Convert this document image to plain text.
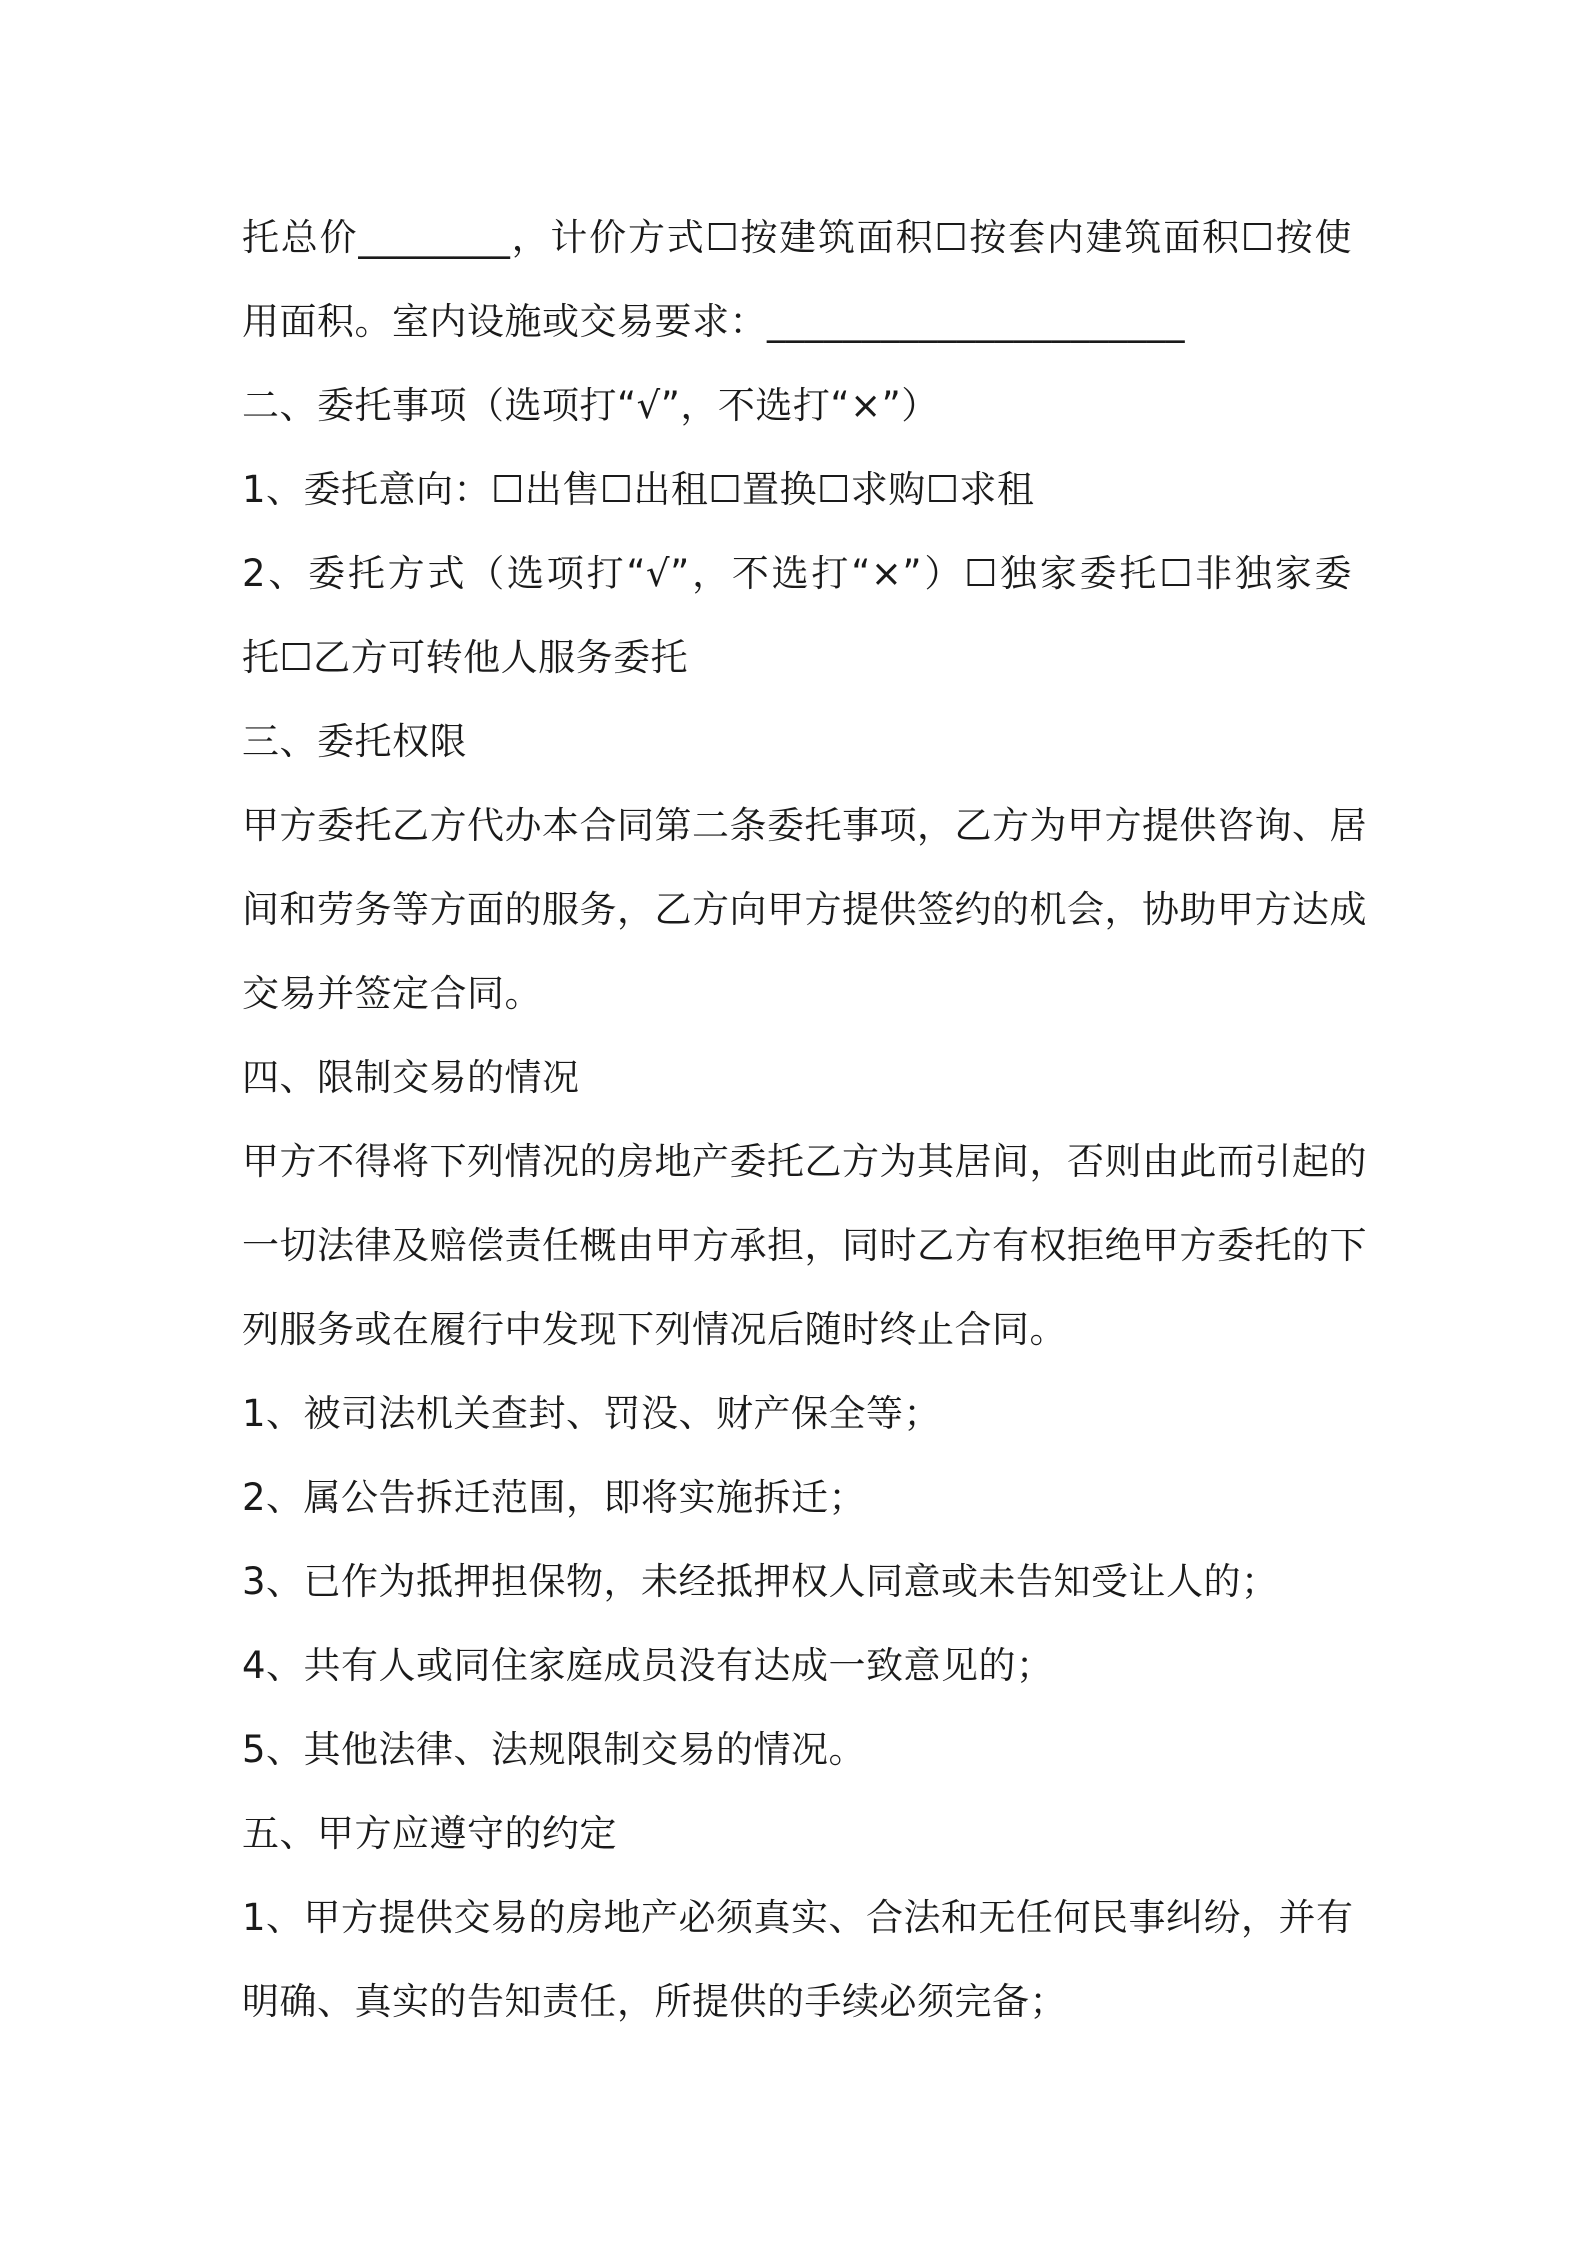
托总价________，计价方式☐按建筑面积☐按套内建筑面积☐按使
用面积。室内设施或交易要求：______________________
二、委托事项（选项打“√”，不选打“×”）
1、委托意向：☐出售☐出租☐置换☐求购☐求租
2、委托方式（选项打“√”，不选打“×”）☐独家委托☐非独家委
托☐乙方可转他人服务委托
三、委托权限
甲方委托乙方代办本合同第二条委托事项，乙方为甲方提供咨询、居
间和劳务等方面的服务，乙方向甲方提供签约的机会，协助甲方达成
交易并签定合同。
四、限制交易的情况
甲方不得将下列情况的房地产委托乙方为其居间，否则由此而引起的
一切法律及赔偿责任概由甲方承担，同时乙方有权拒绝甲方委托的下
列服务或在履行中发现下列情况后随时终止合同。
1、被司法机关查封、罚没、财产保全等；
2、属公告拆迁范围，即将实施拆迁；
3、已作为抵押担保物，未经抵押权人同意或未告知受让人的；
4、共有人或同住家庭成员没有达成一致意见的；
5、其他法律、法规限制交易的情况。
五、甲方应遵守的约定
1、甲方提供交易的房地产必须真实、合法和无任何民事纠纷，并有
明确、真实的告知责任，所提供的手续必须完备；
